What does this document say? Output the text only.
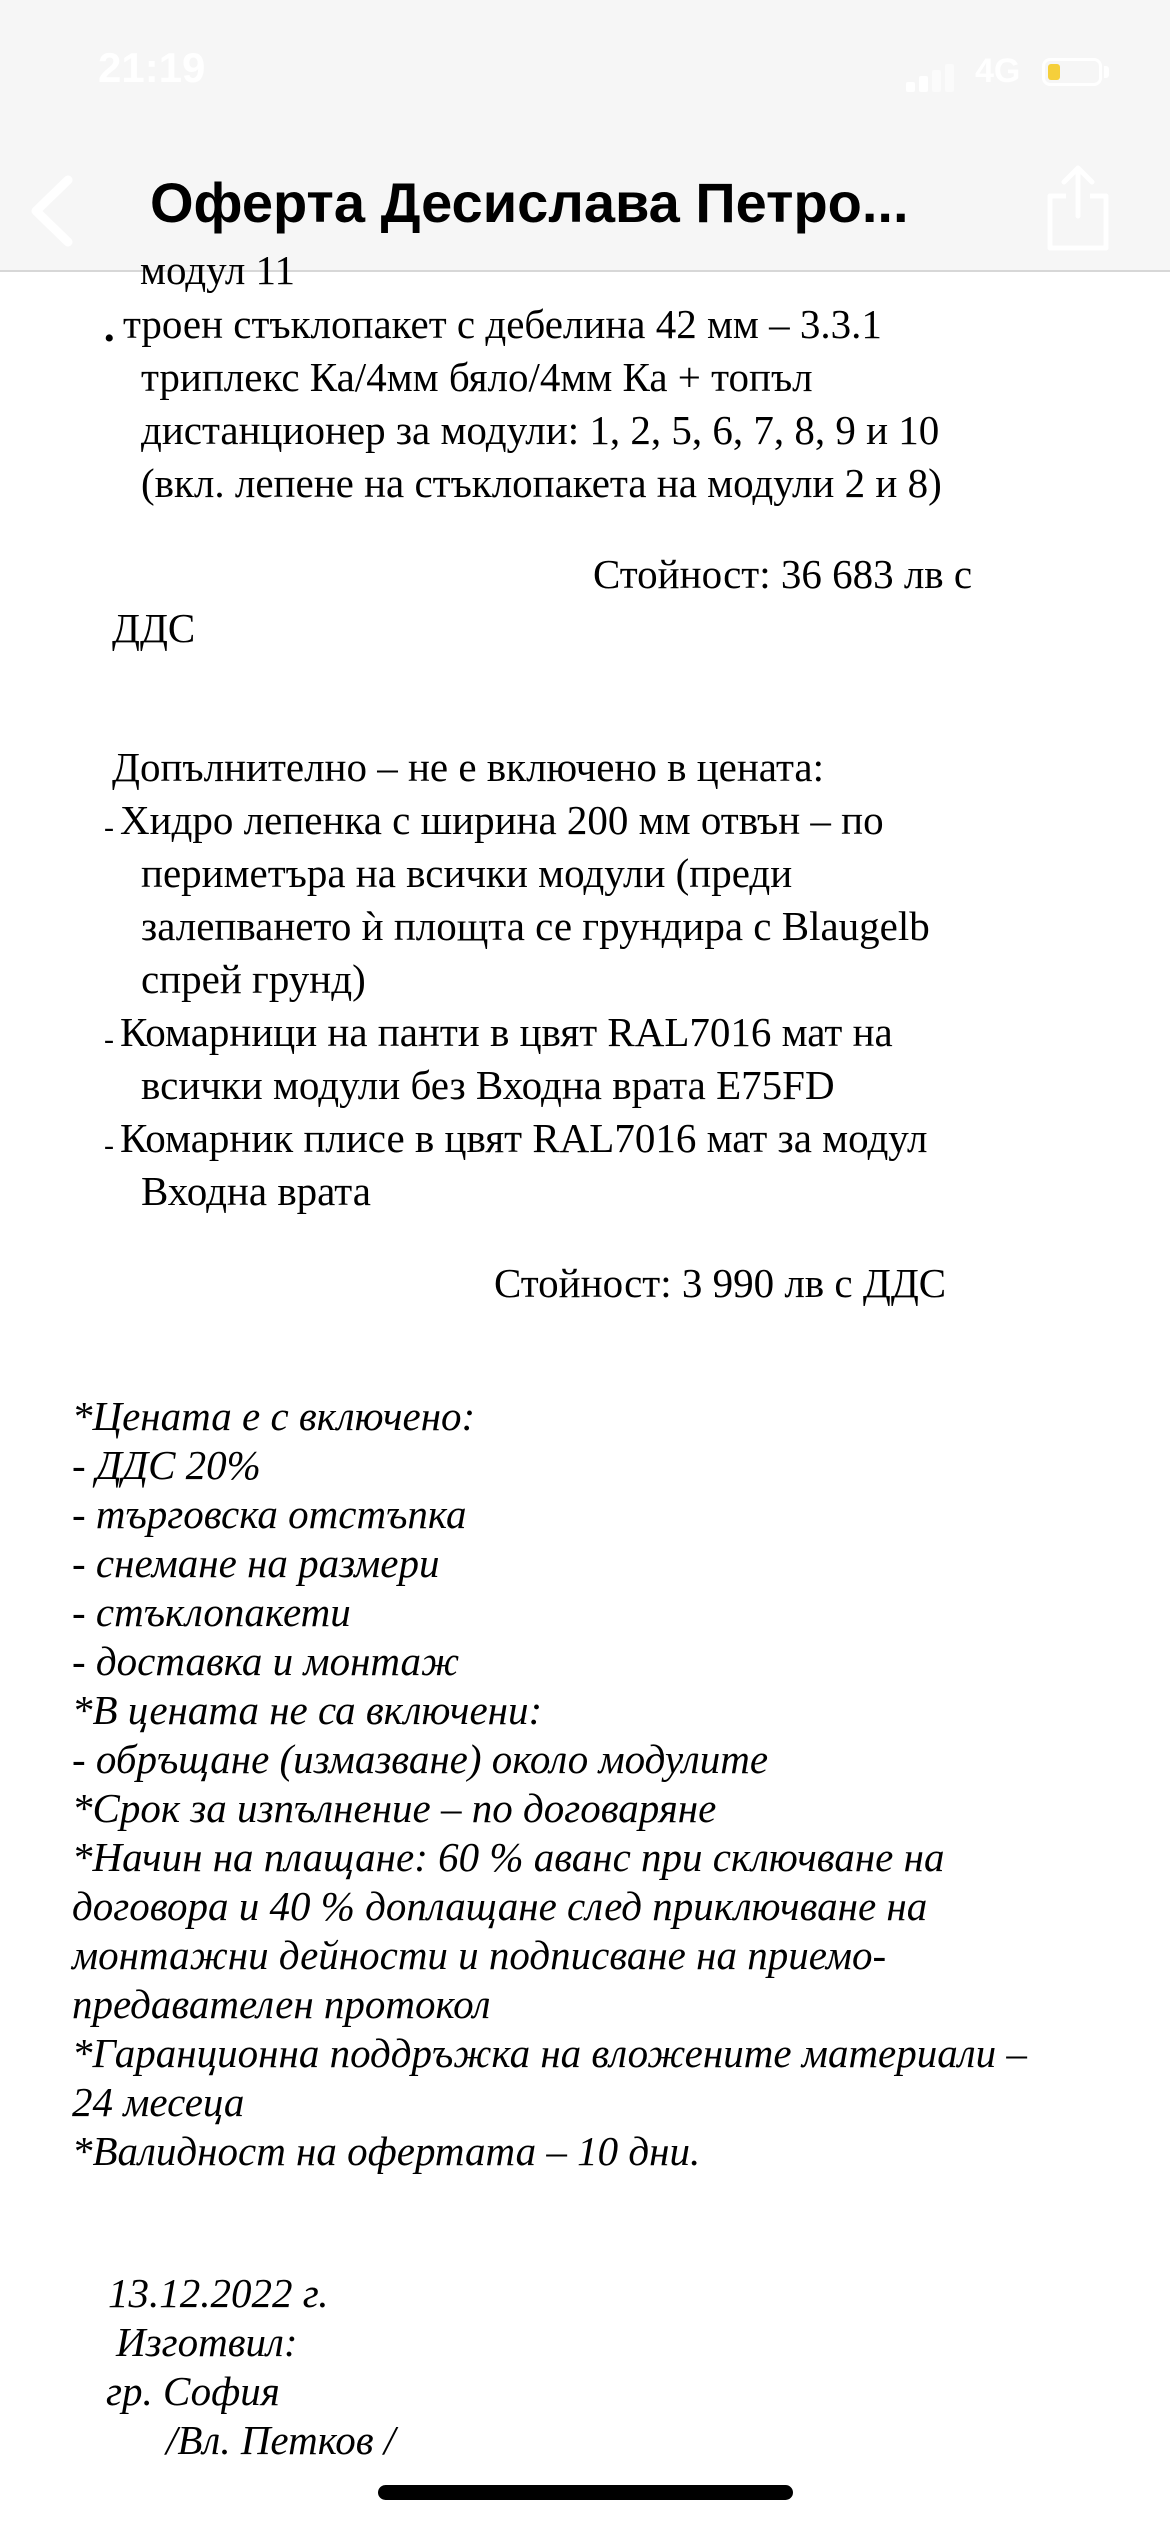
21:19	4G
Оферта Десислава Петро...
модул 11
• троен стъклопакет с дебелина 42 мм – 3.3.1
триплекс Ка/4мм бяло/4мм Ка + топъл
дистанционер за модули: 1, 2, 5, 6, 7, 8, 9 и 10
(вкл. лепене на стъклопакета на модули 2 и 8)
Стойност: 36 683 лв с
ДДС
Допълнително – не е включено в цената:
- Хидро лепенка с ширина 200 мм отвън – по
периметъра на всички модули (преди
залепването ѝ площта се грундира с Blaugelb
спрей грунд)
- Комарници на панти в цвят RAL7016 мат на
всички модули без Входна врата E75FD
- Комарник плисе в цвят RAL7016 мат за модул
Входна врата
Стойност: 3 990 лв с ДДС
*Цената е с включено:
- ДДС 20%
- търговска отстъпка
- снемане на размери
- стъклопакети
- доставка и монтаж
*В цената не са включени:
- обръщане (измазване) около модулите
*Срок за изпълнение – по договаряне
*Начин на плащане: 60 % аванс при сключване на
договора и 40 % доплащане след приключване на
монтажни дейности и подписване на приемо-
предавателен протокол
*Гаранционна поддръжка на вложените материали –
24 месеца
*Валидност на офертата – 10 дни.
13.12.2022 г.
Изготвил:
гр. София
/Вл. Петков /
